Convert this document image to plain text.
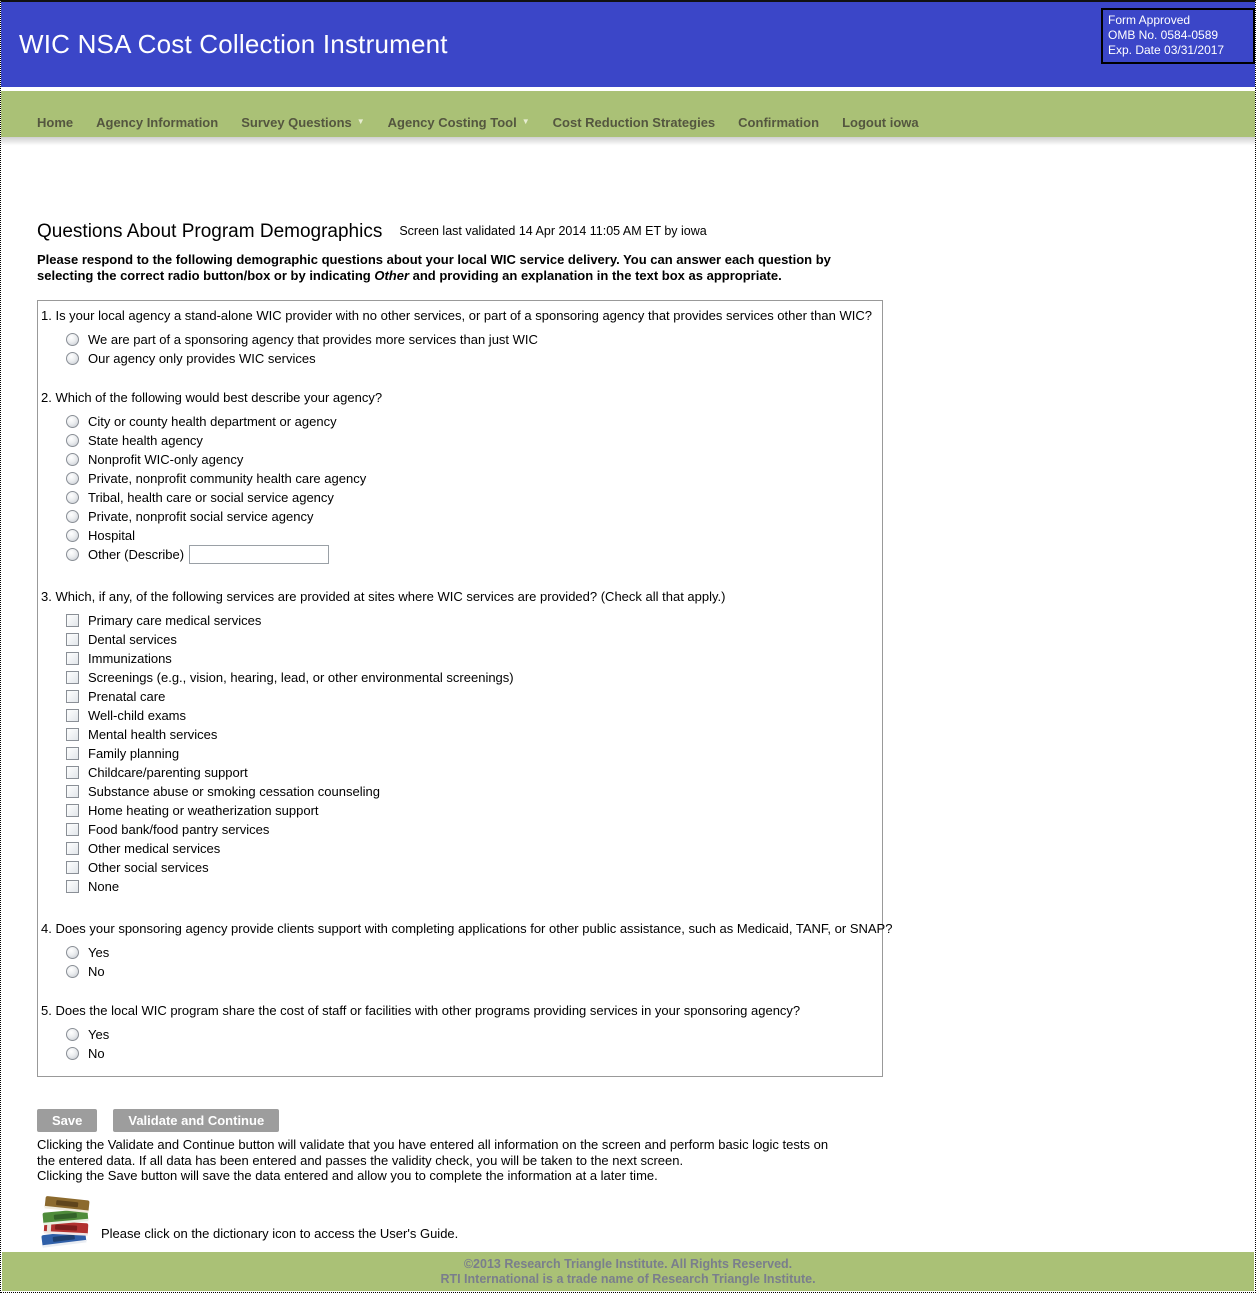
WIC NSA Cost Collection Instrument
Form Approved
OMB No. 0584-0589
Exp. Date 03/31/2017
Home Agency Information Survey Questions ▼ Agency Costing Tool ▼ Cost Reduction Strategies Confirmation Logout iowa
Questions About Program Demographics Screen last validated 14 Apr 2014 11:05 AM ET by iowa
Please respond to the following demographic questions about your local WIC service delivery. You can answer each question by selecting the correct radio button/box or by indicating Other and providing an explanation in the text box as appropriate.
1. Is your local agency a stand-alone WIC provider with no other services, or part of a sponsoring agency that provides services other than WIC?
We are part of a sponsoring agency that provides more services than just WIC
Our agency only provides WIC services
2. Which of the following would best describe your agency?
City or county health department or agency
State health agency
Nonprofit WIC-only agency
Private, nonprofit community health care agency
Tribal, health care or social service agency
Private, nonprofit social service agency
Hospital
Other (Describe)
3. Which, if any, of the following services are provided at sites where WIC services are provided? (Check all that apply.)
Primary care medical services
Dental services
Immunizations
Screenings (e.g., vision, hearing, lead, or other environmental screenings)
Prenatal care
Well-child exams
Mental health services
Family planning
Childcare/parenting support
Substance abuse or smoking cessation counseling
Home heating or weatherization support
Food bank/food pantry services
Other medical services
Other social services
None
4. Does your sponsoring agency provide clients support with completing applications for other public assistance, such as Medicaid, TANF, or SNAP?
Yes
No
5. Does the local WIC program share the cost of staff or facilities with other programs providing services in your sponsoring agency?
Yes
No
Save	Validate and Continue
Clicking the Validate and Continue button will validate that you have entered all information on the screen and perform basic logic tests on
the entered data. If all data has been entered and passes the validity check, you will be taken to the next screen.
Clicking the Save button will save the data entered and allow you to complete the information at a later time.
Please click on the dictionary icon to access the User's Guide.
©2013 Research Triangle Institute. All Rights Reserved.
RTI International is a trade name of Research Triangle Institute.
